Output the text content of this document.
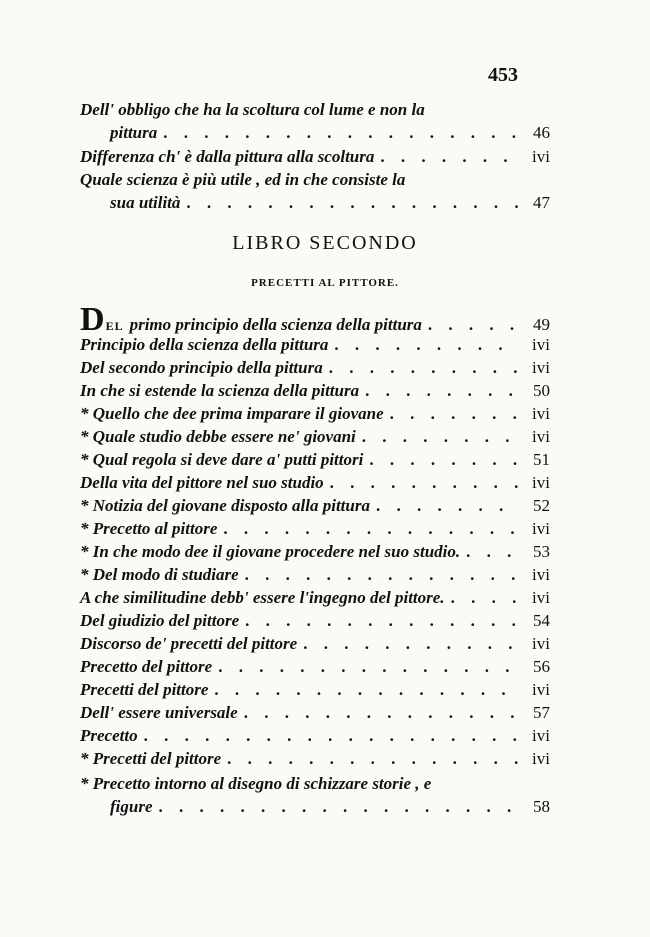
453
Dell' obbligo che ha la scoltura col lume e non la
pittura . . .	46
Differenza ch' è dalla pittura alla scoltura . . .	ivi
Quale scienza è più utile , ed in che consiste la
sua utilità . . .	47
LIBRO SECONDO
PRECETTI AL PITTORE.
DEL primo principio della scienza della pittura . . .	49
Principio della scienza della pittura . . .	ivi
Del secondo principio della pittura . . .	ivi
In che si estende la scienza della pittura . . .	50
* Quello che dee prima imparare il giovane . . .	ivi
* Quale studio debbe essere ne' giovani . . .	ivi
* Qual regola si deve dare a' putti pittori . . .	51
Della vita del pittore nel suo studio . . .	ivi
* Notizia del giovane disposto alla pittura . . .	52
* Precetto al pittore . . .	ivi
* In che modo dee il giovane procedere nel suo studio. . . .	53
* Del modo di studiare . . .	ivi
A che similitudine debb' essere l'ingegno del pittore. . . .	ivi
Del giudizio del pittore . . .	54
Discorso de' precetti del pittore . . .	ivi
Precetto del pittore . . .	56
Precetti del pittore . . .	ivi
Dell' essere universale . . .	57
Precetto . . .	ivi
* Precetti del pittore . . .	ivi
* Precetto intorno al disegno di schizzare storie , e
figure . . .	58
